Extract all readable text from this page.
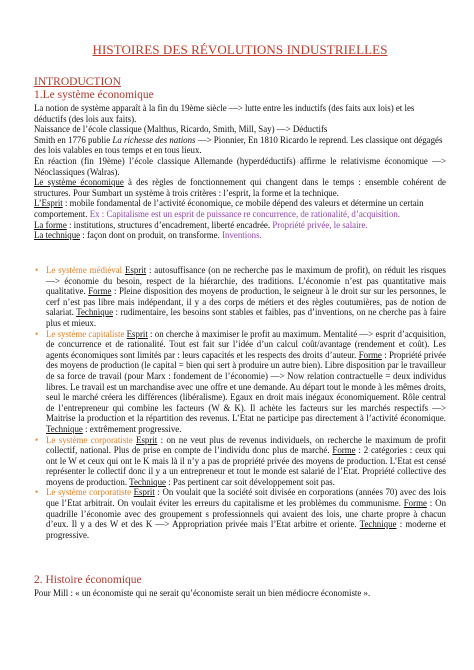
HISTOIRES DES RÉVOLUTIONS INDUSTRIELLES
INTRODUCTION
1.Le système économique

La notion de système apparaît à la fin du 19ème siècle —> lutte entre les inductifs (des faits aux lois) et les déductifs (des lois aux faits).

Naissance de l’école classique (Malthus, Ricardo, Smith, Mill, Say) —> Déductifs

Smith en 1776 publie La richesse des nations —> Pionnier, En 1810 Ricardo le reprend. Les classique ont dégagés des lois valables en tous temps et en tous lieux.

En réaction (fin 19ème) l’école classique Allemande (hyperdéductifs) affirme le relativisme économique —> Néoclassiques (Walras).

Le système économique à des règles de fonctionnement qui changent dans le temps : ensemble cohérent de structures. Pour Sumbart un système à trois critères : l’esprit, la forme et la technique.

L’Esprit : mobile fondamental de l’activité économique, ce mobile dépend des valeurs et détermine un certain comportement. Ex : Capitalisme est un esprit de puissance re concurrence, de rationalité, d’acquisition.

La forme : institutions, structures d’encadrement, liberté encadrée. Propriété privée, le salaire.

La technique : façon dont on produit, on transforme. Inventions.

• Le système médiéval Esprit : autosuffisance (on ne recherche pas le maximum de profit), on réduit les risques —> économie du besoin, respect de la hiérarchie, des traditions. L’économie n’est pas quantitative mais qualitative. Forme : Pleine disposition des moyens de production, le seigneur à le droit sur sur les personnes, le cerf n’est pas libre mais indépendant, il y a des corps de métiers et des règles coutumières, pas de notion de salariat. Technique : rudimentaire, les besoins sont stables et faibles, pas d’inventions, on ne cherche pas à faire plus et mieux.

• Le système capitaliste Esprit : on cherche à maximiser le profit au maximum. Mentalité —> esprit d’acquisition, de concurrence et de rationalité. Tout est fait sur l’idée d’un calcul coût/avantage (rendement et coût). Les agents économiques sont limités par : leurs capacités et les respects des droits d’auteur. Forme : Propriété privée des moyens de production (le capital = bien qui sert à produire un autre bien). Libre disposition par le travailleur de sa force de travail (pour Marx : fondement de l’économie) —> Now relation contractuelle = deux individus libres. Le travail est un marchandise avec une offre et une demande. Au départ tout le monde à les mêmes droits, seul le marché créera les différences (libéralisme). Egaux en droit mais inégaux économiquement. Rôle central de l’entrepreneur qui combine les facteurs (W & K). Il achète les facteurs sur les marchés respectifs —> Maitrise la production et la répartition des revenus. L’Etat ne participe pas directement à l’activité économique. Technique : extrêmement progressive.

• Le système corporatiste Esprit : on ne veut plus de revenus individuels, on recherche le maximum de profit collectif, national. Plus de prise en compte de l’individu donc plus de marché. Forme : 2 catégories : ceux qui ont le W et ceux qui ont le K mais là il n’y a pas de propriété privée des moyens de production. L’Etat est censé représenter le collectif donc il y a un entrepreneur et tout le monde est salarié de l’Etat. Propriété collective des moyens de production. Technique : Pas pertinent car soit développement soit pas.

• Le système corporatiste Esprit : On voulait que la société soit divisée en corporations (années 70) avec des lois que l’Etat arbitrait. On voulait éviter les erreurs du capitalisme et les problèmes du communisme. Forme : On quadrille l’économie avec des groupement s professionnels qui avaient des lois, une charte propre à chacun d’eux. Il y a des W et des K —> Appropriation privée mais l’Etat arbitre et oriente. Technique : moderne et progressive.

2. Histoire économique

Pour Mill : « un économiste qui ne serait qu’économiste serait un bien médiocre économiste ».
